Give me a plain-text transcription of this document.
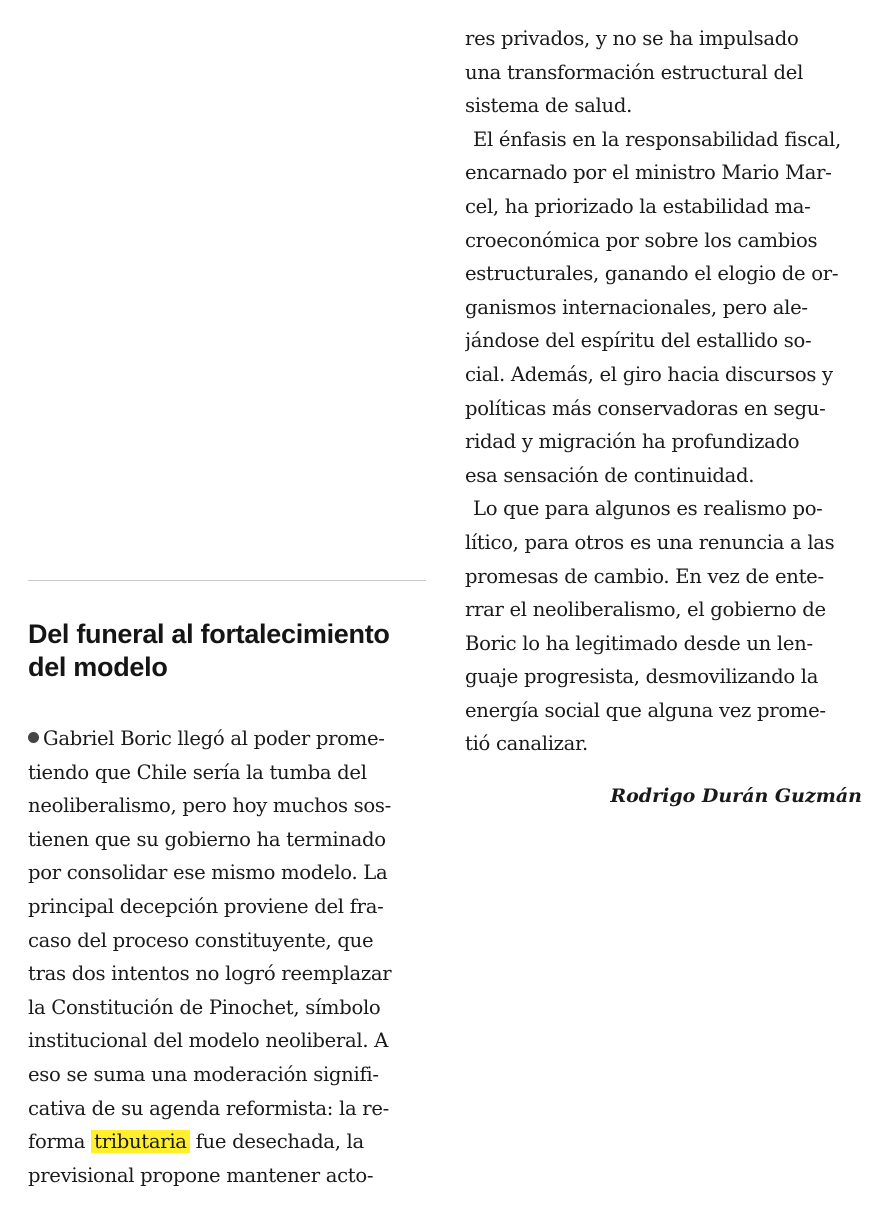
Del funeral al fortalecimiento
del modelo
Gabriel Boric llegó al poder prome-
tiendo que Chile sería la tumba del
neoliberalismo, pero hoy muchos sos-
tienen que su gobierno ha terminado
por consolidar ese mismo modelo. La
principal decepción proviene del fra-
caso del proceso constituyente, que
tras dos intentos no logró reemplazar
la Constitución de Pinochet, símbolo
institucional del modelo neoliberal. A
eso se suma una moderación signifi-
cativa de su agenda reformista: la re-
forma tributaria fue desechada, la
previsional propone mantener acto-
res privados, y no se ha impulsado
una transformación estructural del
sistema de salud.
El énfasis en la responsabilidad fiscal,
encarnado por el ministro Mario Mar-
cel, ha priorizado la estabilidad ma-
croeconómica por sobre los cambios
estructurales, ganando el elogio de or-
ganismos internacionales, pero ale-
jándose del espíritu del estallido so-
cial. Además, el giro hacia discursos y
políticas más conservadoras en segu-
ridad y migración ha profundizado
esa sensación de continuidad.
Lo que para algunos es realismo po-
lítico, para otros es una renuncia a las
promesas de cambio. En vez de ente-
rrar el neoliberalismo, el gobierno de
Boric lo ha legitimado desde un len-
guaje progresista, desmovilizando la
energía social que alguna vez prome-
tió canalizar.

Rodrigo Durán Guzmán
